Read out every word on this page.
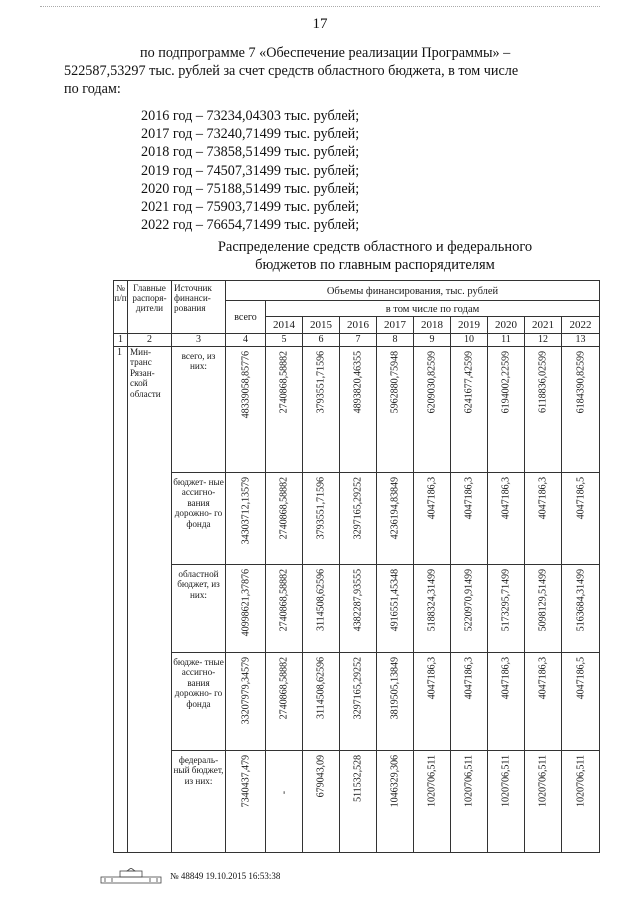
17
по подпрограмме 7 «Обеспечение реализации Программы» –
522587,53297 тыс. рублей за счет средств областного бюджета, в том числе
по годам:
2016 год – 73234,04303 тыс. рублей;
2017 год – 73240,71499 тыс. рублей;
2018 год – 73858,51499 тыс. рублей;
2019 год – 74507,31499 тыс. рублей;
2020 год – 75188,51499 тыс. рублей;
2021 год – 75903,71499 тыс. рублей;
2022 год – 76654,71499 тыс. рублей;
Распределение средств областного и федерального
бюджетов по главным распорядителям
№ п/п	Главные распоря- дители	Источник финанси- рования	Объемы финансирования, тыс. рублей									
			всего	в том числе по годам								
				2014	2015	2016	2017	2018	2019	2020	2021	2022
1	2	3	4	5	6	7	8	9	10	11	12	13
1	Мин- транс Рязан- ской области	всего, из них:	48339058,85776	2740868,58882	3793551,71596	4893820,46355	5962880,75948	6209030,82599	6241677,42599	6194002,22599	6118836,02599	6184390,82599

		бюджет- ные ассигно- вания дорожно- го фонда	34303712,13579	2740868,58882	3793551,71596	3297165,29252	4236194,83849	4047186,3	4047186,3	4047186,3	4047186,3	4047186,5

		областной бюджет, из них:	40998621,37876	2740868,58882	3114508,62596	4382287,93555	4916551,45348	5188324,31499	5220970,91499	5173295,71499	5098129,51499	5163684,31499

		бюдже- тные ассигно- вания дорожно- го фонда	33207979,34579	2740868,58882	3114508,62596	3297165,29252	3819505,13849	4047186,3	4047186,3	4047186,3	4047186,3	4047186,5

		федераль- ный бюджет, из них:	7340437,479	-	679043,09	511532,528	1046329,306	1020706,511	1020706,511	1020706,511	1020706,511	1020706,511
№ 48849 19.10.2015 16:53:38
